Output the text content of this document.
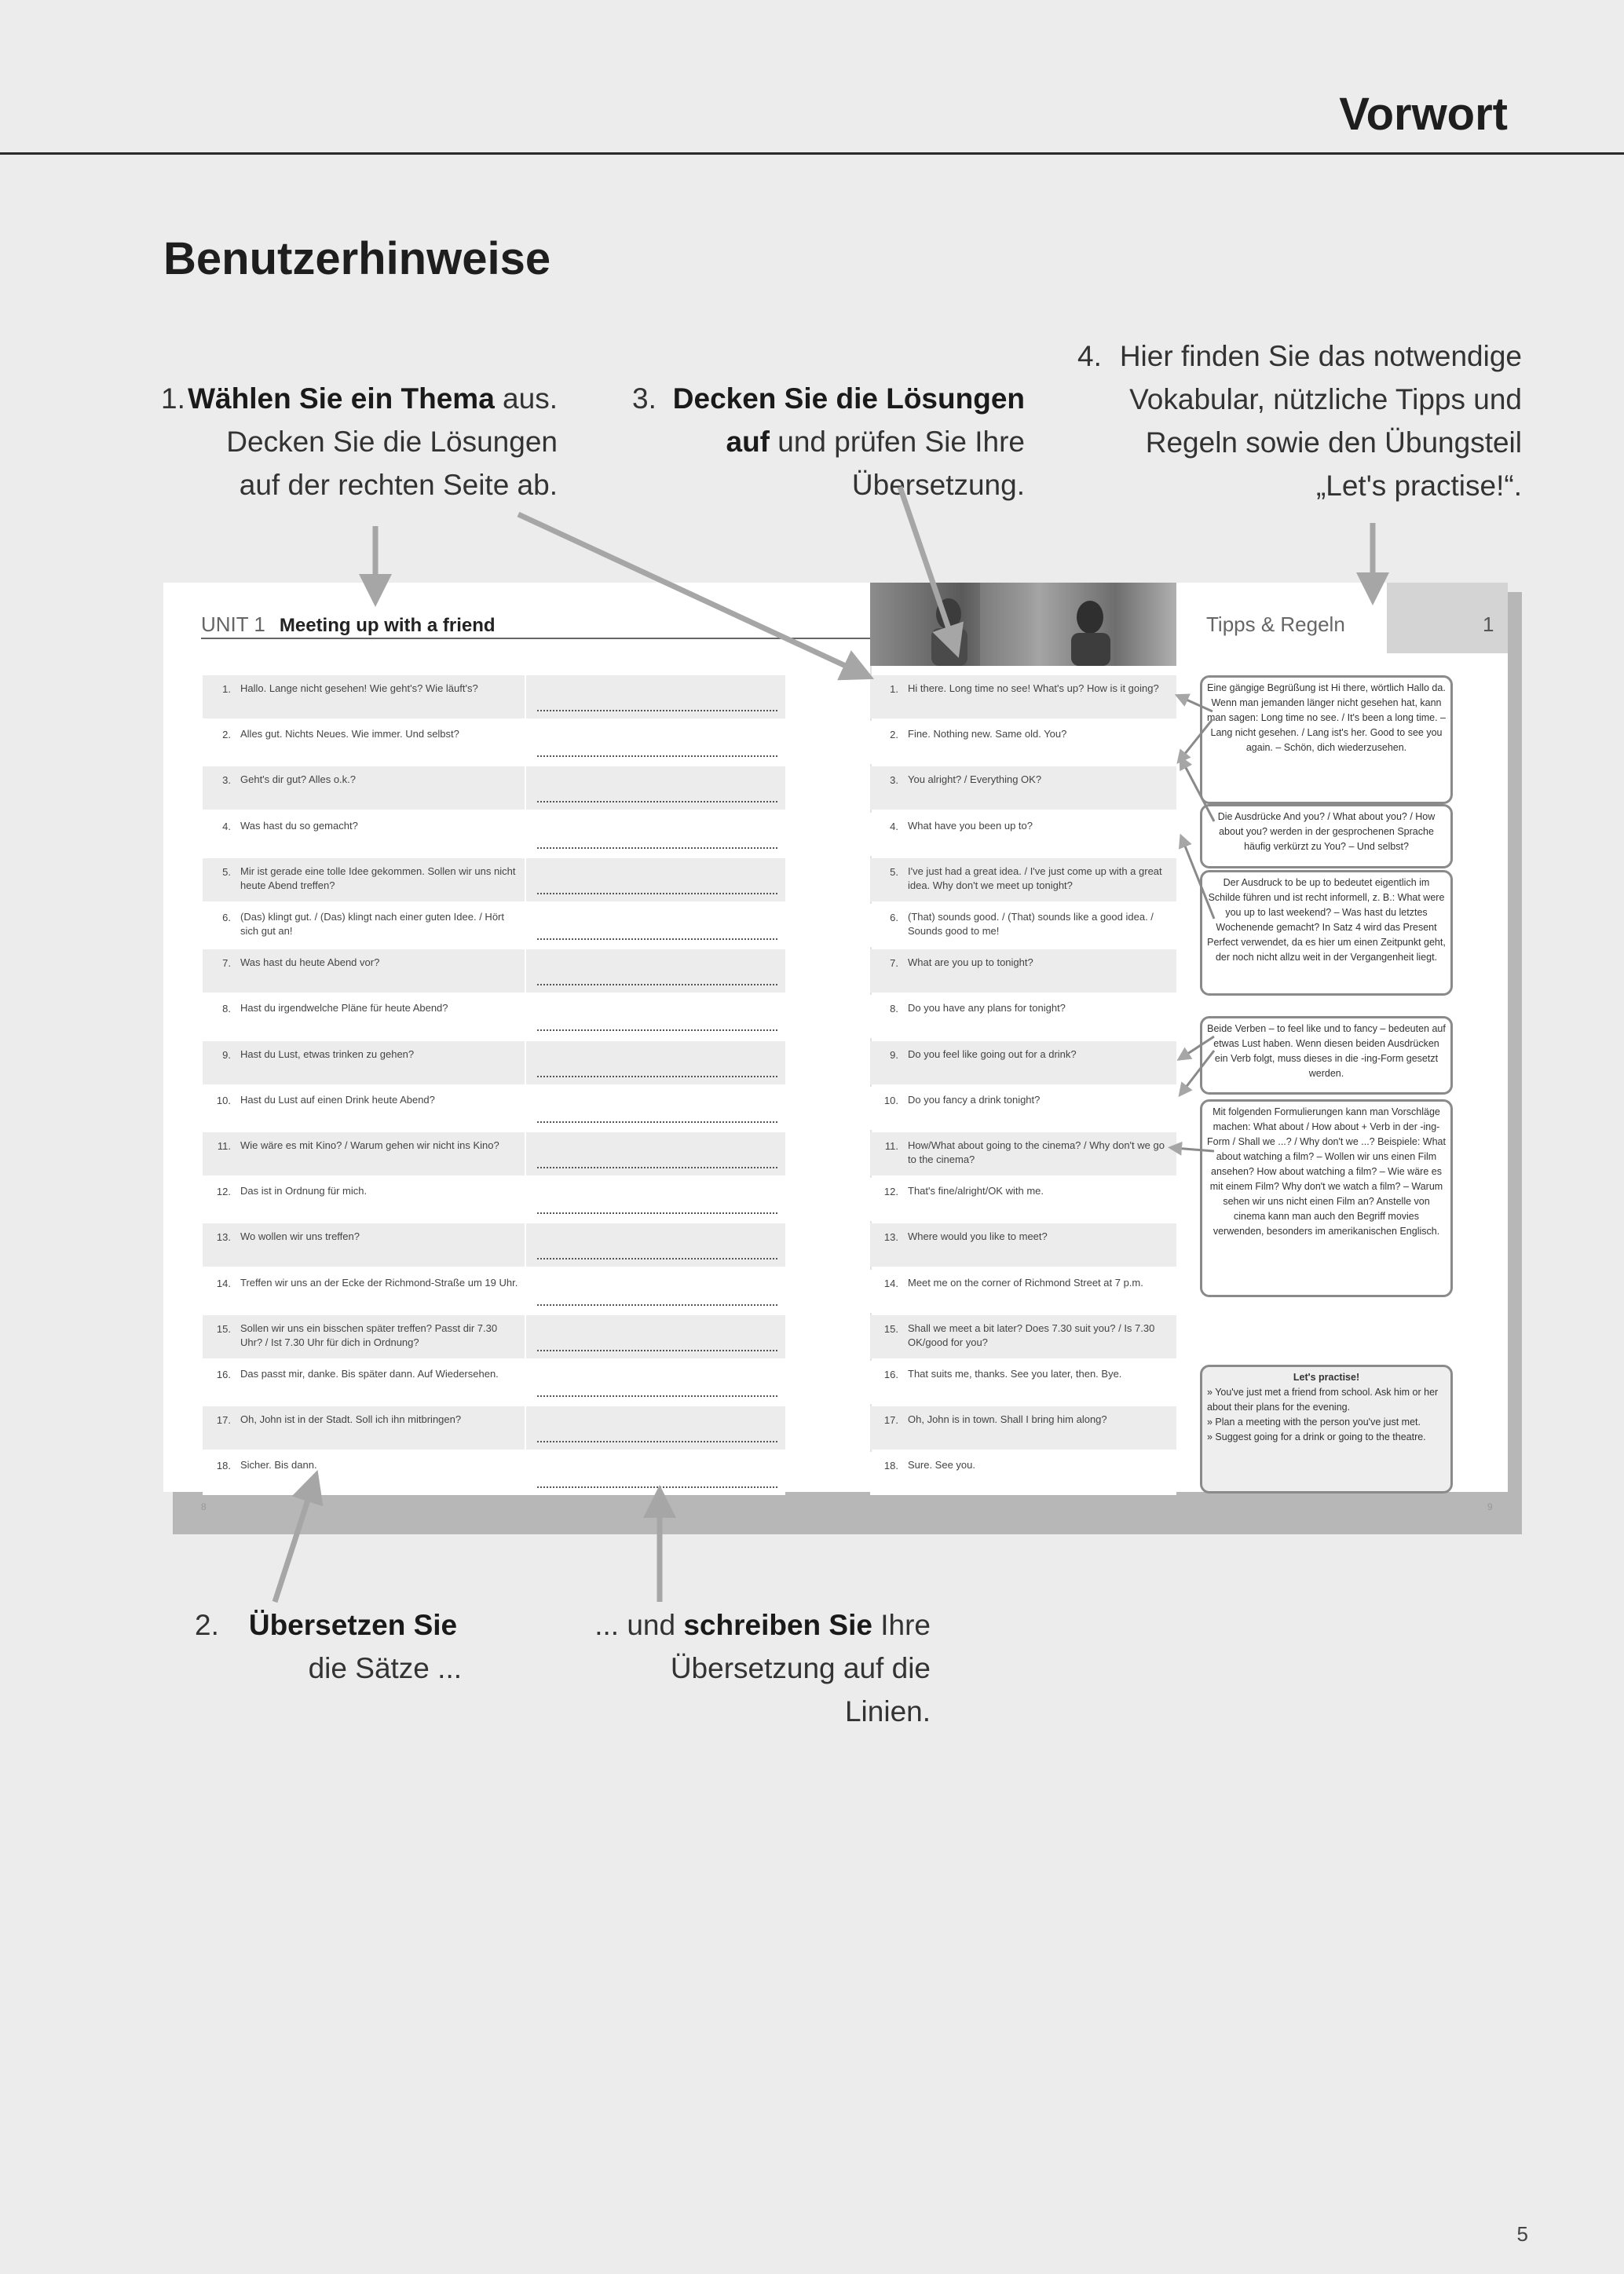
Vorwort
Benutzerhinweise
1. Wählen Sie ein Thema aus.
Decken Sie die Lösungen
auf der rechten Seite ab.
3. Decken Sie die Lösungen
auf und prüfen Sie Ihre
Übersetzung.
4. Hier finden Sie das notwendige
Vokabular, nützliche Tipps und
Regeln sowie den Übungsteil
„Let's practise!“.
2. Übersetzen Sie
die Sätze ...
... und schreiben Sie Ihre
Übersetzung auf die Linien.
UNIT 1 Meeting up with a friend
1. Hallo. Lange nicht gesehen! Wie geht's? Wie läuft's?
2. Alles gut. Nichts Neues. Wie immer. Und selbst?
3. Geht's dir gut? Alles o.k.?
4. Was hast du so gemacht?
5. Mir ist gerade eine tolle Idee gekommen. Sollen wir uns nicht heute Abend treffen?
6. (Das) klingt gut. / (Das) klingt nach einer guten Idee. / Hört sich gut an!
7. Was hast du heute Abend vor?
8. Hast du irgendwelche Pläne für heute Abend?
9. Hast du Lust, etwas trinken zu gehen?
10. Hast du Lust auf einen Drink heute Abend?
11. Wie wäre es mit Kino? / Warum gehen wir nicht ins Kino?
12. Das ist in Ordnung für mich.
13. Wo wollen wir uns treffen?
14. Treffen wir uns an der Ecke der Richmond-Straße um 19 Uhr.
15. Sollen wir uns ein bisschen später treffen? Passt dir 7.30 Uhr? / Ist 7.30 Uhr für dich in Ordnung?
16. Das passt mir, danke. Bis später dann. Auf Wiedersehen.
17. Oh, John ist in der Stadt. Soll ich ihn mitbringen?
18. Sicher. Bis dann.
8
Tipps & Regeln	1
1. Hi there. Long time no see! What's up? How is it going?
2. Fine. Nothing new. Same old. You?
3. You alright? / Everything OK?
4. What have you been up to?
5. I've just had a great idea. / I've just come up with a great idea. Why don't we meet up tonight?
6. (That) sounds good. / (That) sounds like a good idea. / Sounds good to me!
7. What are you up to tonight?
8. Do you have any plans for tonight?
9. Do you feel like going out for a drink?
10. Do you fancy a drink tonight?
11. How/What about going to the cinema? / Why don't we go to the cinema?
12. That's fine/alright/OK with me.
13. Where would you like to meet?
14. Meet me on the corner of Richmond Street at 7 p.m.
15. Shall we meet a bit later? Does 7.30 suit you? / Is 7.30 OK/good for you?
16. That suits me, thanks. See you later, then. Bye.
17. Oh, John is in town. Shall I bring him along?
18. Sure. See you.
Eine gängige Begrüßung ist Hi there, wörtlich Hallo da. Wenn man jemanden länger nicht gesehen hat, kann man sagen: Long time no see. / It's been a long time. – Lang nicht gesehen. / Lang ist's her. Good to see you again. – Schön, dich wiederzusehen.
Die Ausdrücke And you? / What about you? / How about you? werden in der gesprochenen Sprache häufig verkürzt zu You? – Und selbst?
Der Ausdruck to be up to bedeutet eigentlich im Schilde führen und ist recht informell, z. B.: What were you up to last weekend? – Was hast du letztes Wochenende gemacht? In Satz 4 wird das Present Perfect verwendet, da es hier um einen Zeitpunkt geht, der noch nicht allzu weit in der Vergangenheit liegt.
Beide Verben – to feel like und to fancy – bedeuten auf etwas Lust haben. Wenn diesen beiden Ausdrücken ein Verb folgt, muss dieses in die -ing-Form gesetzt werden.
Mit folgenden Formulierungen kann man Vorschläge machen: What about / How about + Verb in der -ing-Form / Shall we ...? / Why don't we ...? Beispiele: What about watching a film? – Wollen wir uns einen Film ansehen? How about watching a film? – Wie wäre es mit einem Film? Why don't we watch a film? – Warum sehen wir uns nicht einen Film an? Anstelle von cinema kann man auch den Begriff movies verwenden, besonders im amerikanischen Englisch.
Let's practise!
» You've just met a friend from school. Ask him or her about their plans for the evening.
» Plan a meeting with the person you've just met.
» Suggest going for a drink or going to the theatre.
9
5
